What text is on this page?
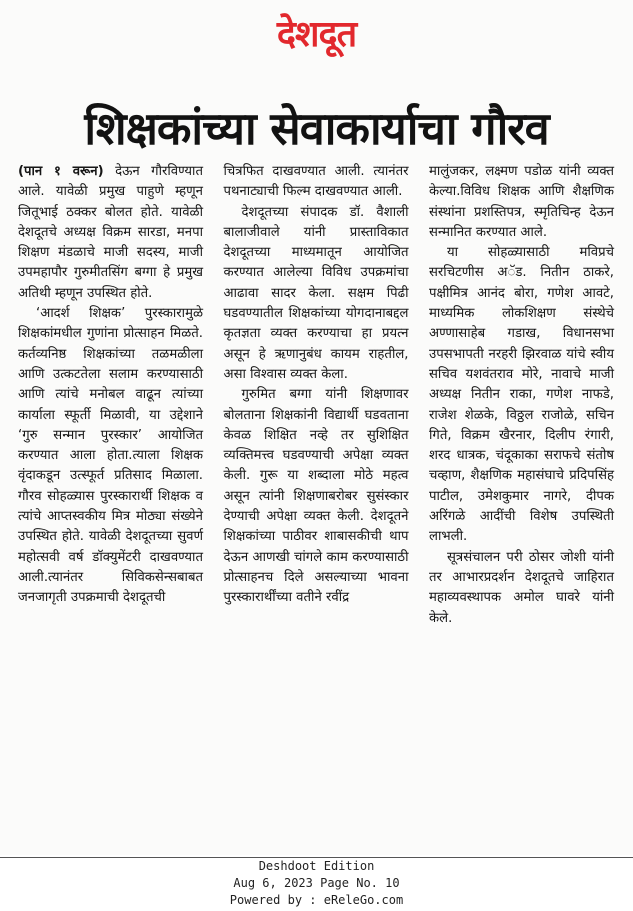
देशदूत
शिक्षकांच्या सेवाकार्याचा गौरव

(पान १ वरून) देऊन गौरविण्यात आले. यावेळी प्रमुख पाहुणे म्हणून जितूभाई ठक्कर बोलत होते. यावेळी देशदूतचे अध्यक्ष विक्रम सारडा, मनपा शिक्षण मंडळाचे माजी सदस्य, माजी उपमहापौर गुरुमीतसिंग बग्गा हे प्रमुख अतिथी म्हणून उपस्थित होते.

‘आदर्श शिक्षक’ पुरस्कारामुळे शिक्षकांमधील गुणांना प्रोत्साहन मिळते. कर्तव्यनिष्ठ शिक्षकांच्या तळमळीला आणि उत्कटतेला सलाम करण्यासाठी आणि त्यांचे मनोबल वाढून त्यांच्या कार्याला स्फूर्ती मिळावी, या उद्देशाने ‘गुरु सन्मान पुरस्कार’ आयोजित करण्यात आला होता.त्याला शिक्षक वृंदाकडून उत्स्फूर्त प्रतिसाद मिळाला. गौरव सोहळ्यास पुरस्कारार्थी शिक्षक व त्यांचे आप्तस्वकीय मित्र मोठ्या संख्येने उपस्थित होते. यावेळी देशदूतच्या सुवर्ण महोत्सवी वर्ष डॉक्युमेंटरी दाखवण्यात आली.त्यानंतर सिविकसेन्सबाबत जनजागृती उपक्रमाची देशदूतची

चित्रफित दाखवण्यात आली. त्यानंतर पथनाट्याची फिल्म दाखवण्यात आली.

देशदूतच्या संपादक डॉ. वैशाली बालाजीवाले यांनी प्रास्ताविकात देशदूतच्या माध्यमातून आयोजित करण्यात आलेल्या विविध उपक्रमांचा आढावा सादर केला. सक्षम पिढी घडवण्यातील शिक्षकांच्या योगदानाबद्दल कृतज्ञता व्यक्त करण्याचा हा प्रयत्न असून हे ऋणानुबंध कायम राहतील, असा विश्वास व्यक्त केला.

गुरुमित बग्गा यांनी शिक्षणावर बोलताना शिक्षकांनी विद्यार्थी घडवताना केवळ शिक्षित नव्हे तर सुशिक्षित व्यक्तिमत्त्व घडवण्याची अपेक्षा व्यक्त केली. गुरू या शब्दाला मोठे महत्व असून त्यांनी शिक्षणाबरोबर सुसंस्कार देण्याची अपेक्षा व्यक्त केली. देशदूतने शिक्षकांच्या पाठीवर शाबासकीची थाप देऊन आणखी चांगले काम करण्यासाठी प्रोत्साहनच दिले असल्याच्या भावना पुरस्कारार्थींच्या वतीने रवींद्र

मालुंजकर, लक्ष्मण पडोळ यांनी व्यक्त केल्या.विविध शिक्षक आणि शैक्षणिक संस्थांना प्रशस्तिपत्र, स्मृतिचिन्ह देऊन सन्मानित करण्यात आले.

या सोहळ्यासाठी मविप्रचे सरचिटणीस अॅड. नितीन ठाकरे, पक्षीमित्र आनंद बोरा, गणेश आवटे, माध्यमिक लोकशिक्षण संस्थेचे अण्णासाहेब गडाख, विधानसभा उपसभापती नरहरी झिरवाळ यांचे स्वीय सचिव यशवंतराव मोरे, नावाचे माजी अध्यक्ष नितीन राका, गणेश नाफडे, राजेश शेळके, विठ्ठल राजोळे, सचिन गिते, विक्रम खैरनार, दिलीप रंगारी, शरद धात्रक, चंदूकाका सराफचे संतोष चव्हाण, शैक्षणिक महासंघाचे प्रदिपसिंह पाटील, उमेशकुमार नागरे, दीपक अरिंगळे आदींची विशेष उपस्थिती लाभली.

सूत्रसंचालन परी ठोसर जोशी यांनी तर आभारप्रदर्शन देशदूतचे जाहिरात महाव्यवस्थापक अमोल घावरे यांनी केले.

Deshdoot Edition
Aug 6, 2023 Page No. 10
Powered by : eReleGo.com
